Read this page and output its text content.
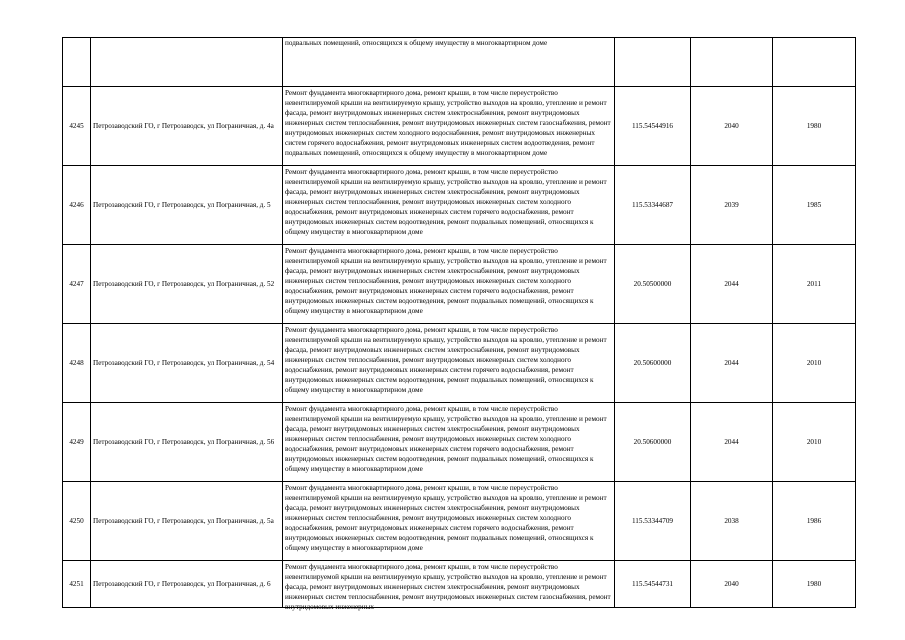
		подвальных помещений, относящихся к общему имуществу в многоквартирном доме			

4245	Петрозаводский ГО, г Петрозаводск, ул Пограничная, д. 4а	Ремонт фундамента многоквартирного дома, ремонт крыши, в том числе переустройство невентилируемой крыши на вентилируемую крышу, устройство выходов на кровлю, утепление и ремонт фасада, ремонт внутридомовых инженерных систем электроснабжения, ремонт внутридомовых инженерных систем теплоснабжения, ремонт внутридомовых инженерных систем газоснабжения, ремонт внутридомовых инженерных систем холодного водоснабжения, ремонт внутридомовых инженерных систем горячего водоснабжения, ремонт внутридомовых инженерных систем водоотведения, ремонт подвальных помещений, относящихся к общему имуществу в многоквартирном доме	115.54544916	2040	1980
4246	Петрозаводский ГО, г Петрозаводск, ул Пограничная, д. 5	Ремонт фундамента многоквартирного дома, ремонт крыши, в том числе переустройство невентилируемой крыши на вентилируемую крышу, устройство выходов на кровлю, утепление и ремонт фасада, ремонт внутридомовых инженерных систем электроснабжения, ремонт внутридомовых инженерных систем теплоснабжения, ремонт внутридомовых инженерных систем холодного водоснабжения, ремонт внутридомовых инженерных систем горячего водоснабжения, ремонт внутридомовых инженерных систем водоотведения, ремонт подвальных помещений, относящихся к общему имуществу в многоквартирном доме	115.53344687	2039	1985
4247	Петрозаводский ГО, г Петрозаводск, ул Пограничная, д. 52	Ремонт фундамента многоквартирного дома, ремонт крыши, в том числе переустройство невентилируемой крыши на вентилируемую крышу, устройство выходов на кровлю, утепление и ремонт фасада, ремонт внутридомовых инженерных систем электроснабжения, ремонт внутридомовых инженерных систем теплоснабжения, ремонт внутридомовых инженерных систем холодного водоснабжения, ремонт внутридомовых инженерных систем горячего водоснабжения, ремонт внутридомовых инженерных систем водоотведения, ремонт подвальных помещений, относящихся к общему имуществу в многоквартирном доме	20.50500000	2044	2011
4248	Петрозаводский ГО, г Петрозаводск, ул Пограничная, д. 54	Ремонт фундамента многоквартирного дома, ремонт крыши, в том числе переустройство невентилируемой крыши на вентилируемую крышу, устройство выходов на кровлю, утепление и ремонт фасада, ремонт внутридомовых инженерных систем электроснабжения, ремонт внутридомовых инженерных систем теплоснабжения, ремонт внутридомовых инженерных систем холодного водоснабжения, ремонт внутридомовых инженерных систем горячего водоснабжения, ремонт внутридомовых инженерных систем водоотведения, ремонт подвальных помещений, относящихся к общему имуществу в многоквартирном доме	20.50600000	2044	2010
4249	Петрозаводский ГО, г Петрозаводск, ул Пограничная, д. 56	Ремонт фундамента многоквартирного дома, ремонт крыши, в том числе переустройство невентилируемой крыши на вентилируемую крышу, устройство выходов на кровлю, утепление и ремонт фасада, ремонт внутридомовых инженерных систем электроснабжения, ремонт внутридомовых инженерных систем теплоснабжения, ремонт внутридомовых инженерных систем холодного водоснабжения, ремонт внутридомовых инженерных систем горячего водоснабжения, ремонт внутридомовых инженерных систем водоотведения, ремонт подвальных помещений, относящихся к общему имуществу в многоквартирном доме	20.50600000	2044	2010
4250	Петрозаводский ГО, г Петрозаводск, ул Пограничная, д. 5а	Ремонт фундамента многоквартирного дома, ремонт крыши, в том числе переустройство невентилируемой крыши на вентилируемую крышу, устройство выходов на кровлю, утепление и ремонт фасада, ремонт внутридомовых инженерных систем электроснабжения, ремонт внутридомовых инженерных систем теплоснабжения, ремонт внутридомовых инженерных систем холодного водоснабжения, ремонт внутридомовых инженерных систем горячего водоснабжения, ремонт внутридомовых инженерных систем водоотведения, ремонт подвальных помещений, относящихся к общему имуществу в многоквартирном доме	115.53344709	2038	1986
4251	Петрозаводский ГО, г Петрозаводск, ул Пограничная, д. 6	Ремонт фундамента многоквартирного дома, ремонт крыши, в том числе переустройство невентилируемой крыши на вентилируемую крышу, устройство выходов на кровлю, утепление и ремонт фасада, ремонт внутридомовых инженерных систем электроснабжения, ремонт внутридомовых инженерных систем теплоснабжения, ремонт внутридомовых инженерных систем газоснабжения, ремонт внутридомовых инженерных	115.54544731	2040	1980
